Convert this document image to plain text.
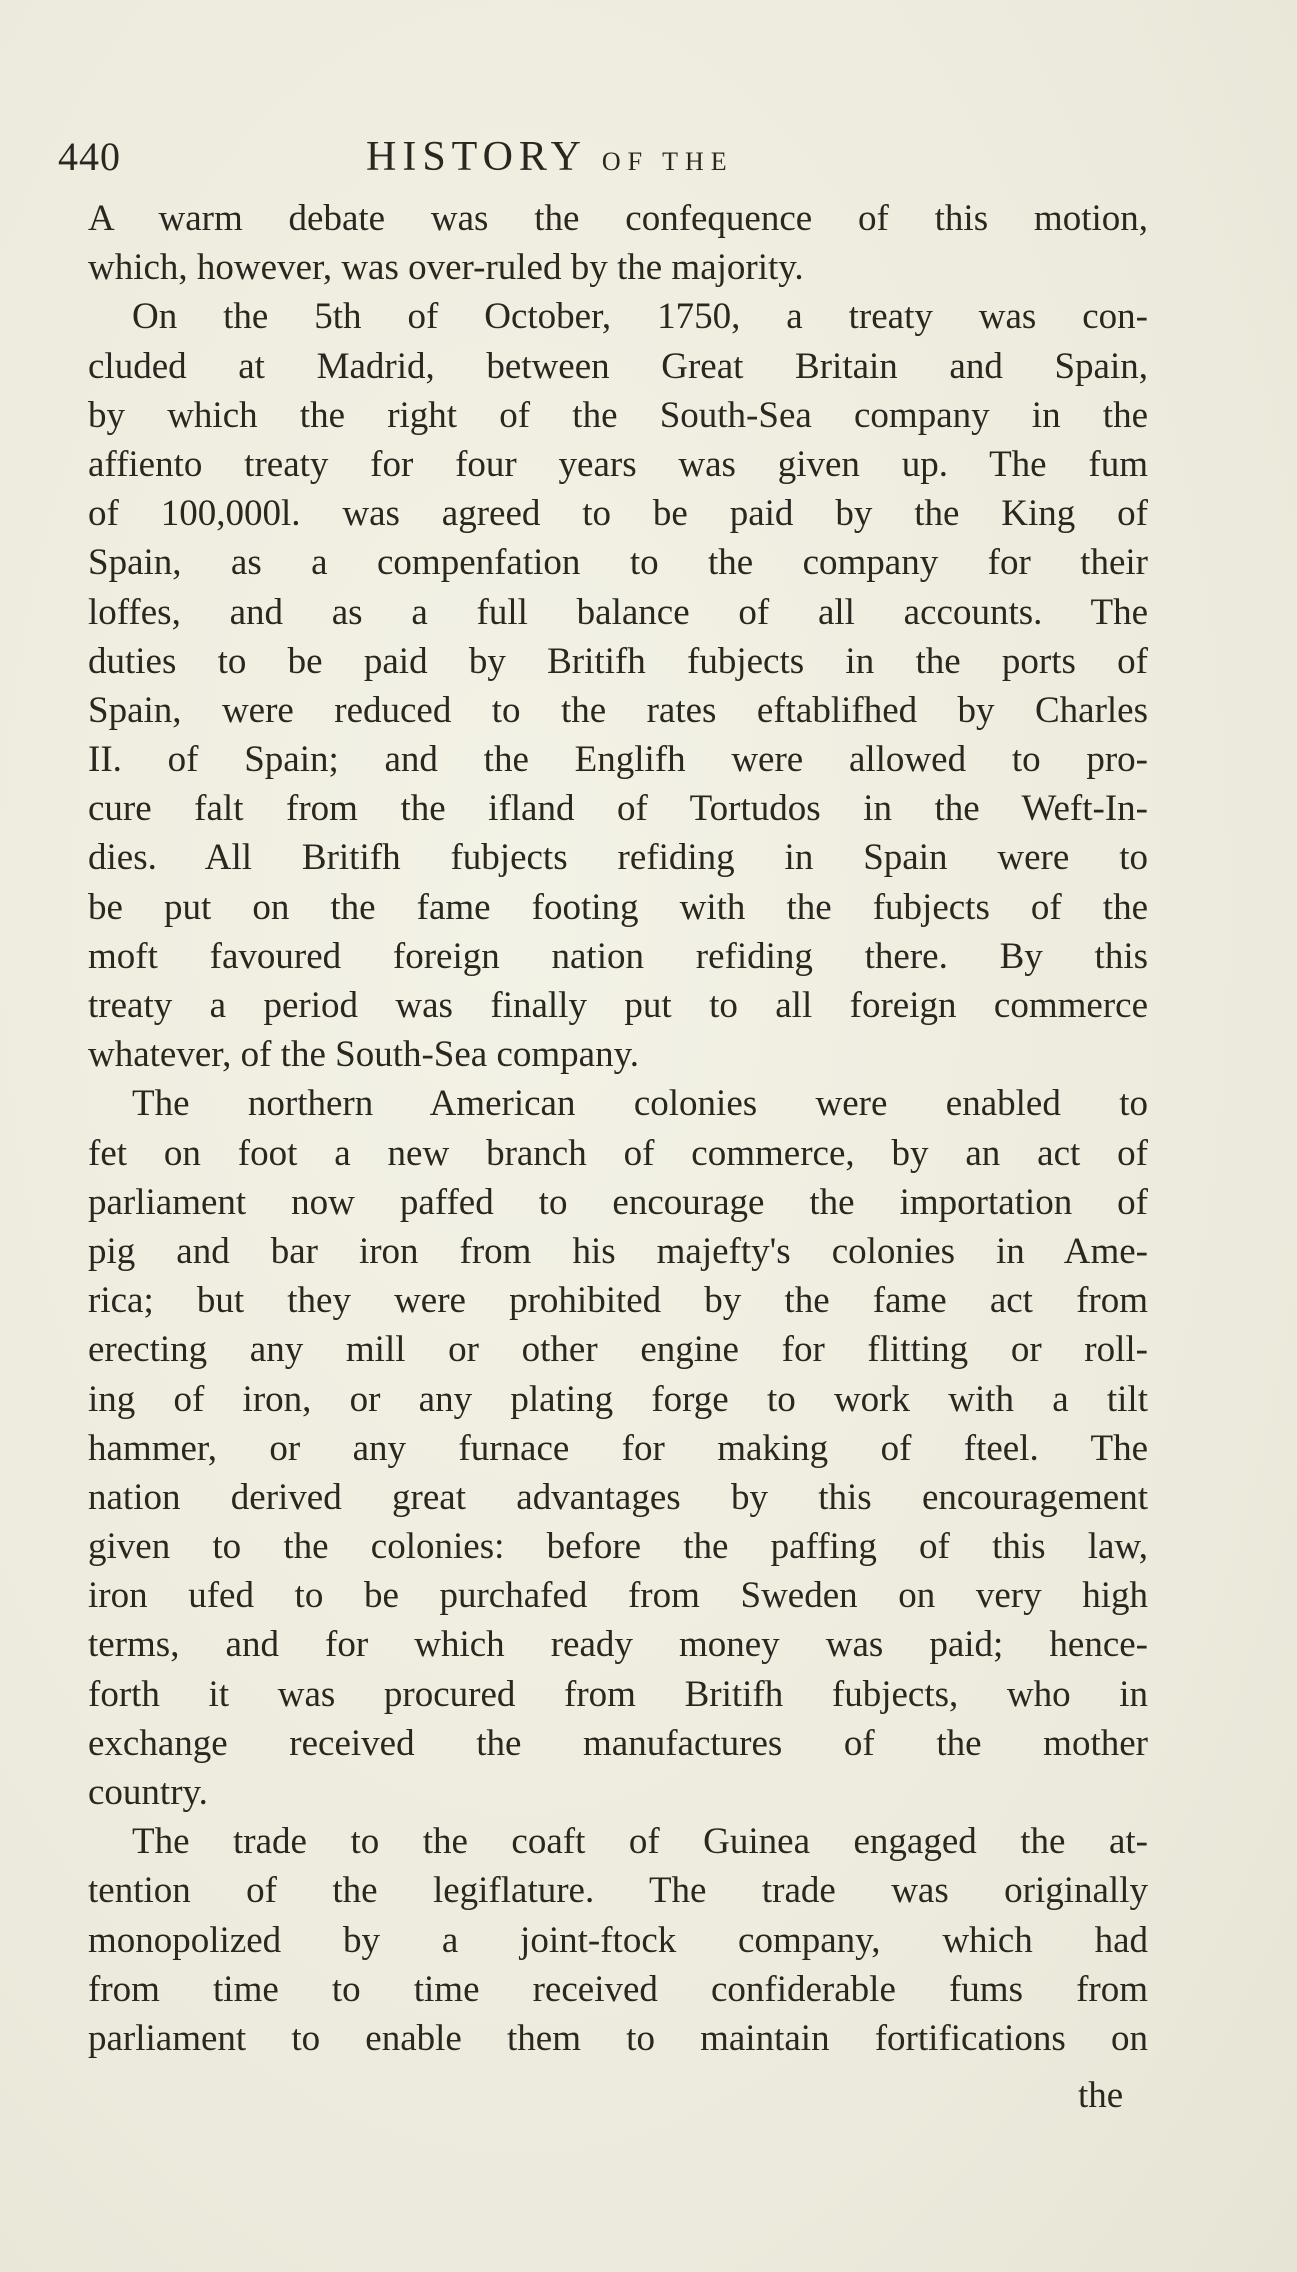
440	HISTORY OF THE
A warm debate was the confequence of this motion,
which, however, was over-ruled by the majority.
On the 5th of October, 1750, a treaty was con-
cluded at Madrid, between Great Britain and Spain,
by which the right of the South-Sea company in the
affiento treaty for four years was given up. The fum
of 100,000l. was agreed to be paid by the King of
Spain, as a compenfation to the company for their
loffes, and as a full balance of all accounts. The
duties to be paid by Britifh fubjects in the ports of
Spain, were reduced to the rates eftablifhed by Charles
II. of Spain; and the Englifh were allowed to pro-
cure falt from the ifland of Tortudos in the Weft-In-
dies. All Britifh fubjects refiding in Spain were to
be put on the fame footing with the fubjects of the
moft favoured foreign nation refiding there. By this
treaty a period was finally put to all foreign commerce
whatever, of the South-Sea company.
The northern American colonies were enabled to
fet on foot a new branch of commerce, by an act of
parliament now paffed to encourage the importation of
pig and bar iron from his majefty's colonies in Ame-
rica; but they were prohibited by the fame act from
erecting any mill or other engine for flitting or roll-
ing of iron, or any plating forge to work with a tilt
hammer, or any furnace for making of fteel. The
nation derived great advantages by this encouragement
given to the colonies: before the paffing of this law,
iron ufed to be purchafed from Sweden on very high
terms, and for which ready money was paid; hence-
forth it was procured from Britifh fubjects, who in
exchange received the manufactures of the mother
country.
The trade to the coaft of Guinea engaged the at-
tention of the legiflature. The trade was originally
monopolized by a joint-ftock company, which had
from time to time received confiderable fums from
parliament to enable them to maintain fortifications on
the
